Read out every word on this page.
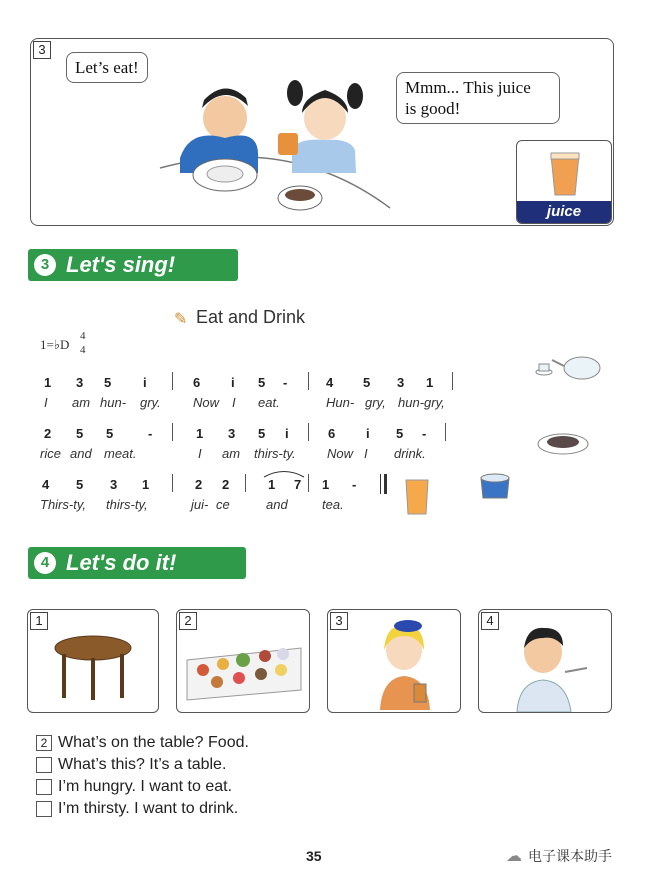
3
Let’s eat!
Mmm... This juice
is good!
juice
3 Let's sing!
✎ Eat and Drink
1=♭D
4
4
1 3 5 i	6 i 5 -	4 5 3 1
I am hun- gry. Now I eat.	Hun- gry, hun-gry,
2 5 5	-	1 3 5 i	6 i 5 -
rice and meat.	I am thirs-ty. Now I drink.
4 5 3 1	2 2	1 7 1 -
Thirs-ty, thirs-ty,	jui- ce	and	tea.
4 Let's do it!
1	2	3	4
2 What’s on the table? Food.
What’s this? It’s a table.
I’m hungry. I want to eat.
I’m thirsty. I want to drink.
35	☁ 电子课本助手
